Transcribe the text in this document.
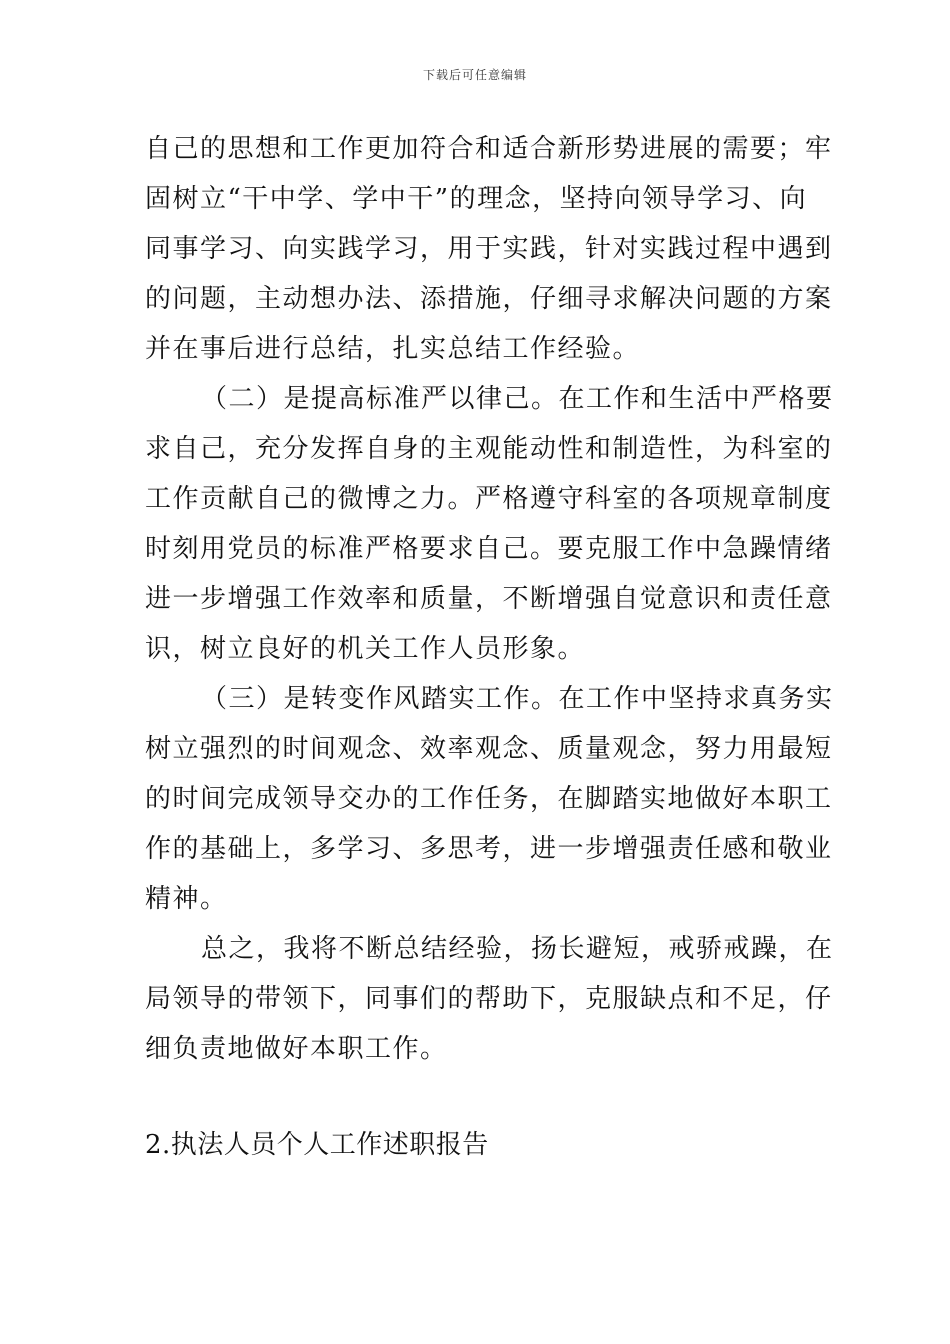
下载后可任意编辑
自己的思想和工作更加符合和适合新形势进展的需要；牢
固树立“干中学、学中干”的理念，坚持向领导学习、向
同事学习、向实践学习，用于实践，针对实践过程中遇到
的问题，主动想办法、添措施，仔细寻求解决问题的方案
并在事后进行总结，扎实总结工作经验。
（二）是提高标准严以律己。在工作和生活中严格要
求自己，充分发挥自身的主观能动性和制造性，为科室的
工作贡献自己的微博之力。严格遵守科室的各项规章制度
时刻用党员的标准严格要求自己。要克服工作中急躁情绪
进一步增强工作效率和质量，不断增强自觉意识和责任意
识，树立良好的机关工作人员形象。
（三）是转变作风踏实工作。在工作中坚持求真务实
树立强烈的时间观念、效率观念、质量观念，努力用最短
的时间完成领导交办的工作任务，在脚踏实地做好本职工
作的基础上，多学习、多思考，进一步增强责任感和敬业
精神。
总之，我将不断总结经验，扬长避短，戒骄戒躁，在
局领导的带领下，同事们的帮助下，克服缺点和不足，仔
细负责地做好本职工作。
2.执法人员个人工作述职报告
